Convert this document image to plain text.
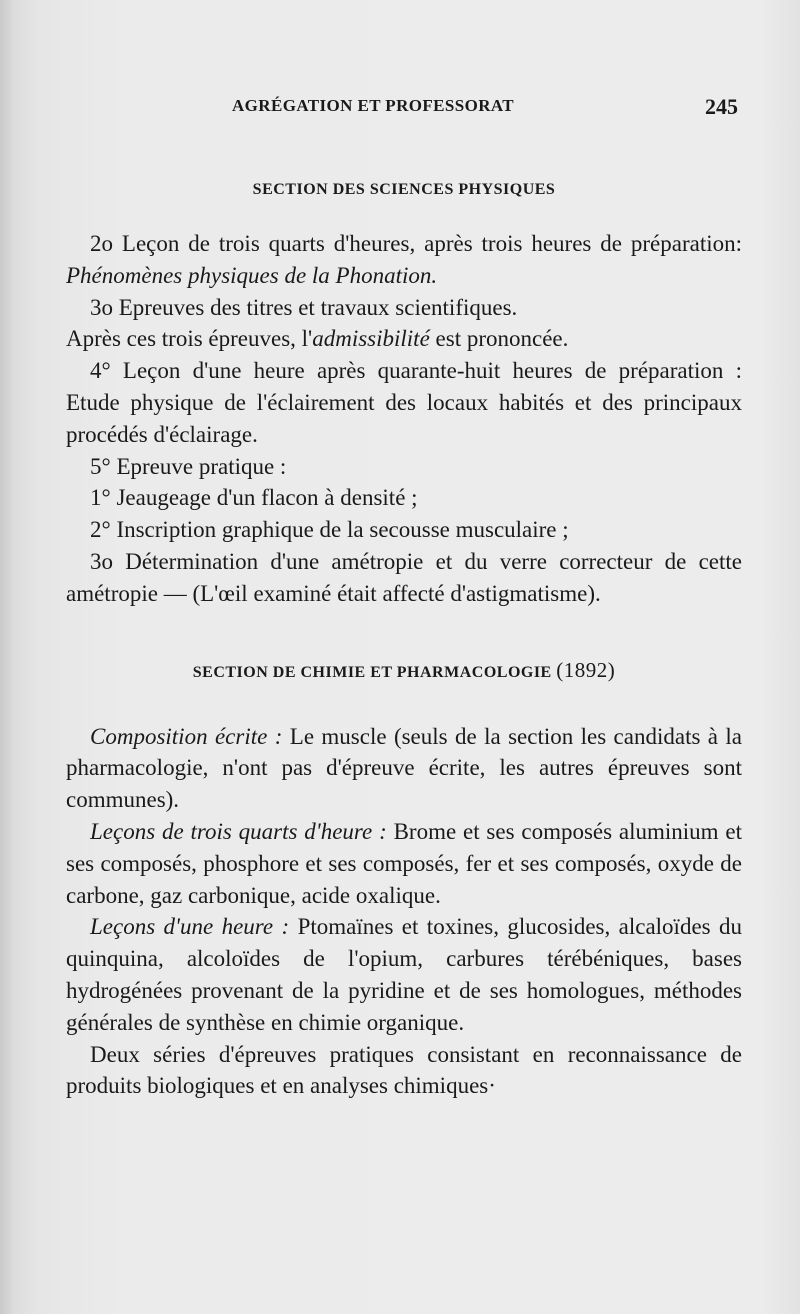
AGRÉGATION ET PROFESSORAT	245
SECTION DES SCIENCES PHYSIQUES

2o Leçon de trois quarts d'heures, après trois heures de préparation: Phénomènes physiques de la Phonation.

3o Epreuves des titres et travaux scientifiques.

Après ces trois épreuves, l'admissibilité est prononcée.

4° Leçon d'une heure après quarante-huit heures de préparation : Etude physique de l'éclairement des locaux habités et des principaux procédés d'éclairage.

5° Epreuve pratique :

1° Jeaugeage d'un flacon à densité ;

2° Inscription graphique de la secousse musculaire ;

3o Détermination d'une amétropie et du verre correcteur de cette amétropie — (L'œil examiné était affecté d'astigmatisme).

SECTION DE CHIMIE ET PHARMACOLOGIE (1892)

Composition écrite : Le muscle (seuls de la section les candidats à la pharmacologie, n'ont pas d'épreuve écrite, les autres épreuves sont communes).

Leçons de trois quarts d'heure : Brome et ses composés aluminium et ses composés, phosphore et ses composés, fer et ses composés, oxyde de carbone, gaz carbonique, acide oxalique.

Leçons d'une heure : Ptomaïnes et toxines, glucosides, alcaloïdes du quinquina, alcoloïdes de l'opium, carbures térébéniques, bases hydrogénées provenant de la pyridine et de ses homologues, méthodes générales de synthèse en chimie organique.

Deux séries d'épreuves pratiques consistant en reconnaissance de produits biologiques et en analyses chimiques·
